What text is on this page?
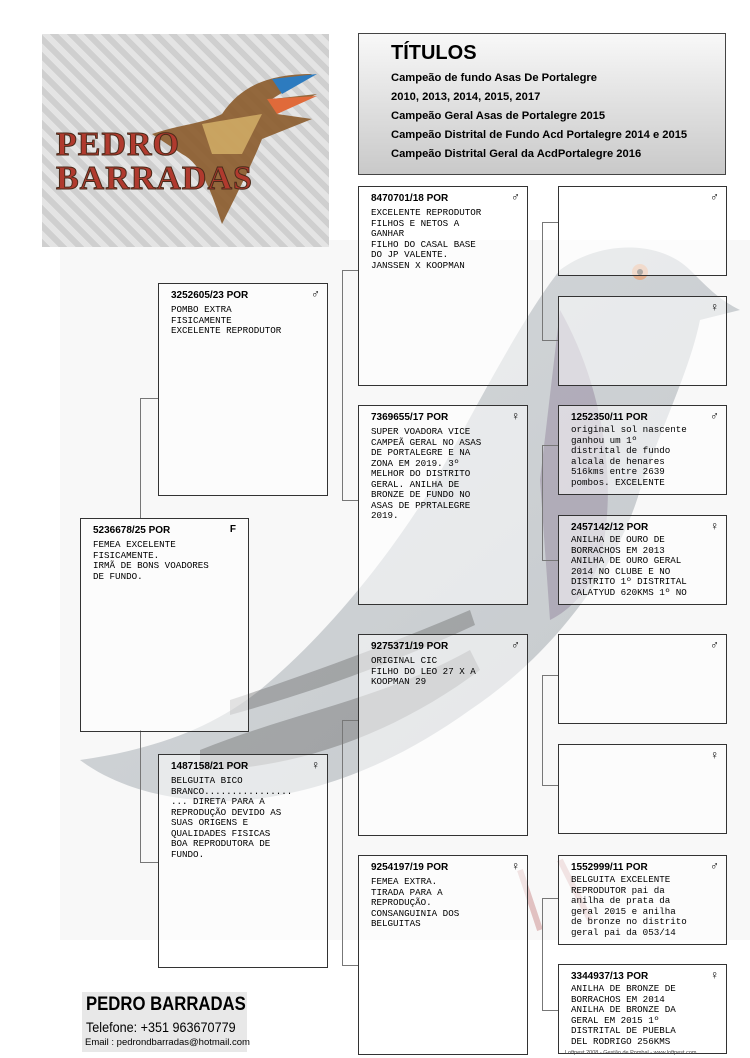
PEDRO
BARRADAS
TÍTULOS

Campeão de fundo Asas De Portalegre

2010, 2013, 2014, 2015, 2017

Campeão Geral Asas de Portalegre 2015

Campeão Distrital de Fundo Acd Portalegre 2014 e 2015

Campeão Distrital Geral da AcdPortalegre 2016

5236678/25 POR	F
FEMEA EXCELENTE
FISICAMENTE.
IRMÃ DE BONS VOADORES
DE FUNDO.
3252605/23 POR	♂
POMBO EXTRA
FISICAMENTE
EXCELENTE REPRODUTOR
1487158/21 POR	♀
BELGUITA BICO
BRANCO................
... DIRETA PARA A
REPRODUÇÃO DEVIDO AS
SUAS ORIGENS E
QUALIDADES FISICAS
BOA REPRODUTORA DE
FUNDO.
8470701/18 POR	♂
EXCELENTE REPRODUTOR
FILHOS E NETOS A
GANHAR
FILHO DO CASAL BASE
DO JP VALENTE.
JANSSEN X KOOPMAN
7369655/17 POR	♀
SUPER VOADORA VICE
CAMPEÃ GERAL NO ASAS
DE PORTALEGRE E NA
ZONA EM 2019. 3º
MELHOR DO DISTRITO
GERAL. ANILHA DE
BRONZE DE FUNDO NO
ASAS DE PPRTALEGRE
2019.
9275371/19 POR	♂
ORIGINAL CIC
FILHO DO LEO 27 X A
KOOPMAN 29
9254197/19 POR	♀
FEMEA EXTRA.
TIRADA PARA A
REPRODUÇÃO.
CONSANGUINIA DOS
BELGUITAS
♂
♀
1252350/11 POR	♂
original sol nascente
ganhou um 1º
distrital de fundo
alcala de henares
516kms entre 2639
pombos. EXCELENTE
2457142/12 POR	♀
ANILHA DE OURO DE
BORRACHOS EM 2013
ANILHA DE OURO GERAL
2014 NO CLUBE E NO
DISTRITO 1º DISTRITAL
CALATYUD 620KMS 1º NO
♂
♀
1552999/11 POR	♂
BELGUITA EXCELENTE
REPRODUTOR pai da
anilha de prata da
geral 2015 e anilha
de bronze no distrito
geral pai da 053/14
3344937/13 POR	♀
ANILHA DE BRONZE DE
BORRACHOS EM 2014
ANILHA DE BRONZE DA
GERAL EM 2015 1º
DISTRITAL DE PUEBLA
DEL RODRIGO 256KMS
PEDRO BARRADAS
Telefone: +351 963670779
Email : pedrondbarradas@hotmail.com
Loftpest 2008 - Gestão de Pombal - www.loftpest.com
